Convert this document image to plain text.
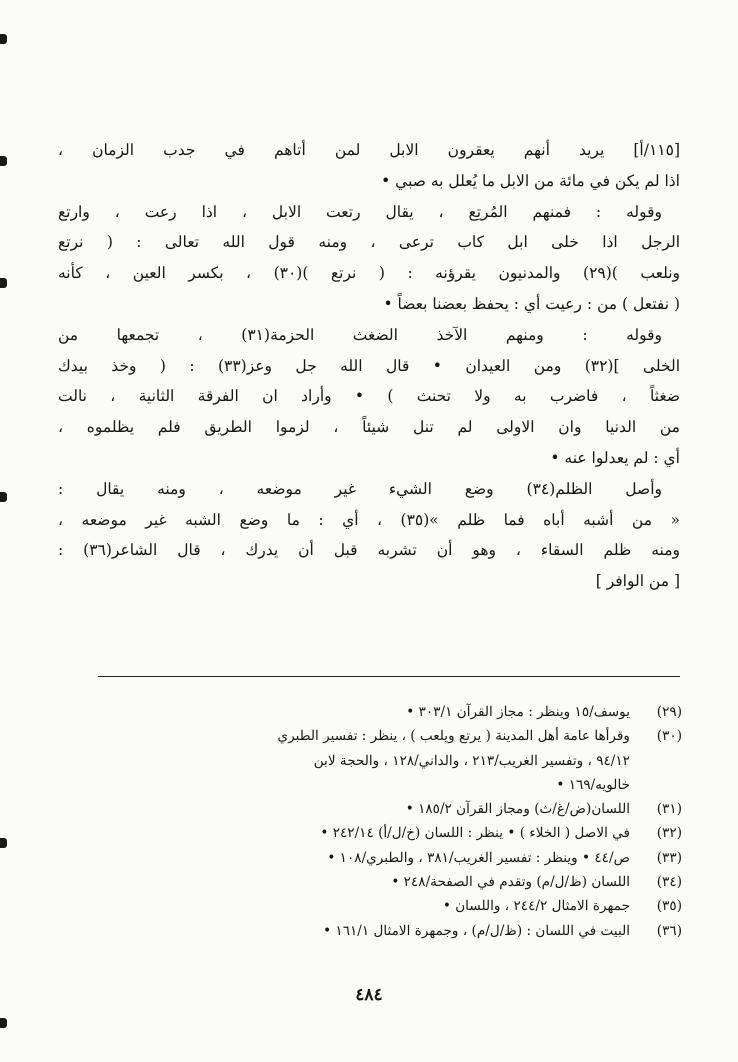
[١١٥/أ] يريد أنهم يعقرون الابل لمن أتاهم في جدب الزمان ،
اذا لم يكن في مائة من الابل ما يُعلل به صبي •
وقوله : فمنهم المُرتِع ، يقال رتعت الابل ، اذا رعت ، وارتع
الرجل اذا خلى ابل كاب ترعى ، ومنه قول الله تعالى : ( نرتع
ونلعب )(٢٩) والمدنيون يقرؤنه : ( نرتع )(٣٠) ، بكسر العين ، كأنه
( نفتعل ) من : رعيت أي : يحفظ بعضنا بعضاً •
وقوله : ومنهم الآخذ الضغث الحزمة(٣١) ، تجمعها من
الخلى ](٣٢) ومن العيدان • قال الله جل وعز(٣٣) : ( وخذ بيدك
ضغثاً ، فاضرب به ولا تحنث ) • وأراد ان الفرقة الثانية ، نالت
من الدنيا وان الاولى لم تنل شيئاً ، لزموا الطريق فلم يظلموه ،
أي : لم يعدلوا عنه •
وأصل الظلم(٣٤) وضع الشيء غير موضعه ، ومنه يقال :
« من أشبه أباه فما ظلم »(٣٥) ، أي : ما وضع الشبه غير موضعه ،
ومنه ظلم السقاء ، وهو أن تشربه قبل أن يدرك ، قال الشاعر(٣٦) :
[ من الوافر ]
(٢٩)
يوسف/١٥ وينظر : مجاز القرآن ٣٠٣/١ •
(٣٠)
وقرأها عامة أهل المدينة ( يرتع ويلعب ) ، ينظر : تفسير الطبري
٩٤/١٢ ، وتفسير الغريب/٢١٣ ، والداني/١٢٨ ، والحجة لابن
خالويه/١٦٩ •
(٣١)
اللسان(ض/غ/ث) ومجاز القرآن ١٨٥/٢ •
(٣٢)
في الاصل ( الخلاء ) • ينظر : اللسان (خ/ل/أ) ٢٤٢/١٤ •
(٣٣)
ص/٤٤ • وينظر : تفسير الغريب/٣٨١ ، والطبري/١٠٨ •
(٣٤)
اللسان (ظ/ل/م) وتقدم في الصفحة/٢٤٨ •
(٣٥)
جمهرة الامثال ٢٤٤/٢ ، واللسان •
(٣٦)
البيت في اللسان : (ظ/ل/م) ، وجمهرة الامثال ١٦١/١ •
٤٨٤
